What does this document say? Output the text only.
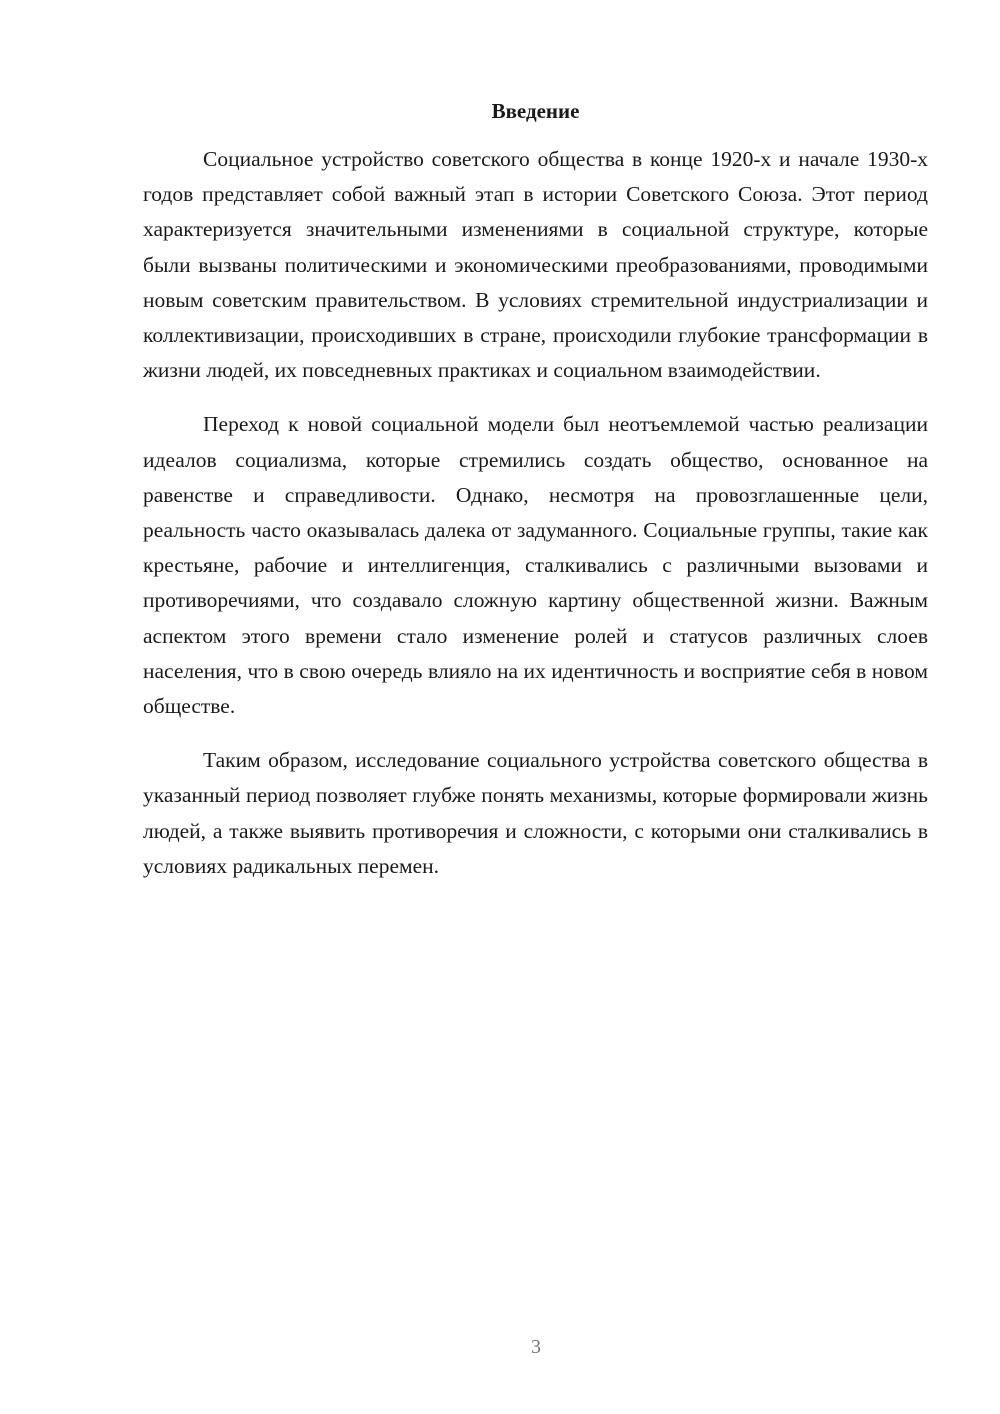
Введение

Социальное устройство советского общества в конце 1920-х и начале 1930-х годов представляет собой важный этап в истории Советского Союза. Этот период характеризуется значительными изменениями в социальной структуре, которые были вызваны политическими и экономическими преобразованиями, проводимыми новым советским правительством. В условиях стремительной индустриализации и коллективизации, происходивших в стране, происходили глубокие трансформации в жизни людей, их повседневных практиках и социальном взаимодействии.

Переход к новой социальной модели был неотъемлемой частью реализации идеалов социализма, которые стремились создать общество, основанное на равенстве и справедливости. Однако, несмотря на провозглашенные цели, реальность часто оказывалась далека от задуманного. Социальные группы, такие как крестьяне, рабочие и интеллигенция, сталкивались с различными вызовами и противоречиями, что создавало сложную картину общественной жизни. Важным аспектом этого времени стало изменение ролей и статусов различных слоев населения, что в свою очередь влияло на их идентичность и восприятие себя в новом обществе.

Таким образом, исследование социального устройства советского общества в указанный период позволяет глубже понять механизмы, которые формировали жизнь людей, а также выявить противоречия и сложности, с которыми они сталкивались в условиях радикальных перемен.

3
